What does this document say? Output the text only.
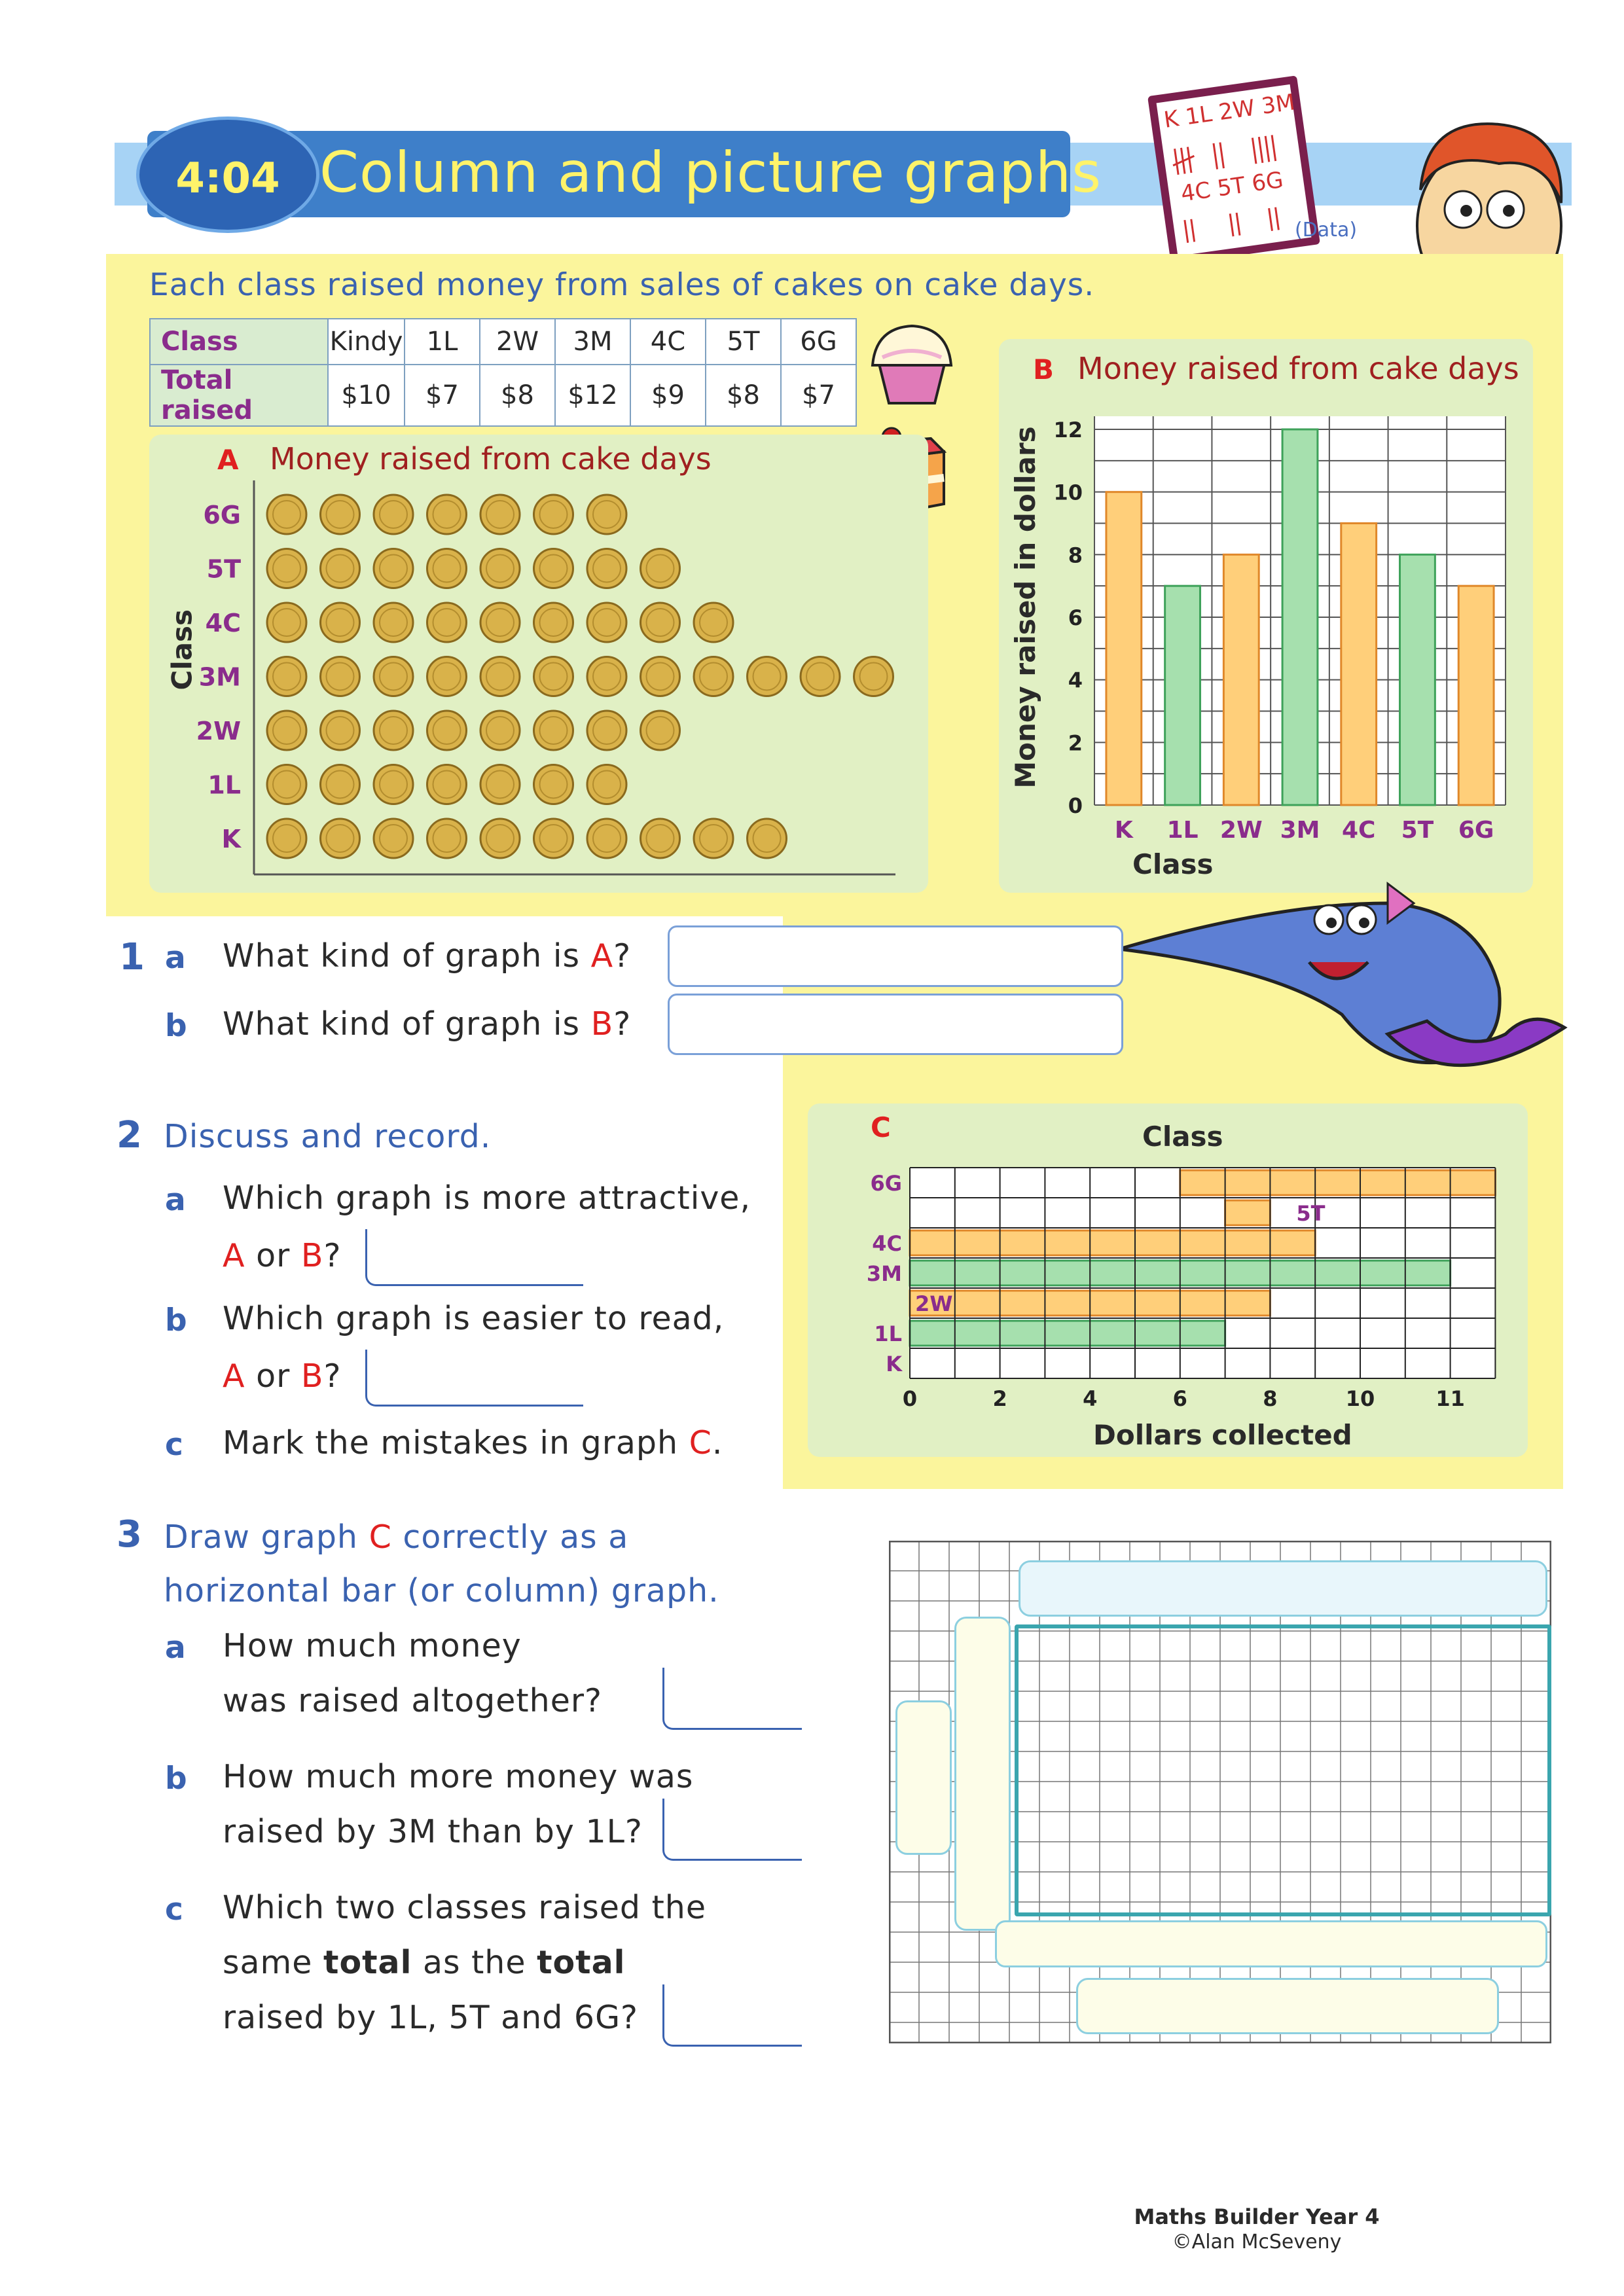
4:04 Column and picture graphs
K 1L 2W 3M
4C 5T 6G
(Data)
Each class raised money from sales of cakes on cake days.
Class	Kindy	1L	2W	3M	4C	5T	6G
Total raised	$10	$7	$8	$12	$9	$8	$7
A Money raised from cake days
Class
6G
5T
4C
3M
2W
1L
K
B Money raised from cake days
Money raised in dollars
Class
0
2
4
6
8
10
12
K 1L 2W 3M 4C 5T 6G
C	Class
Dollars collected
6G
5T
4C
3M
2W
1L
K
0	2	4	6	8	10	11
1 a What kind of graph is A?
b What kind of graph is B?
2 Discuss and record.
a Which graph is more attractive,
A or B?
b Which graph is easier to read,
A or B?
c Mark the mistakes in graph C.
3 Draw graph C correctly as a
horizontal bar (or column) graph.
a How much money
was raised altogether?
b How much more money was
raised by 3M than by 1L?
c Which two classes raised the
same total as the total
raised by 1L, 5T and 6G?
Maths Builder Year 4
©Alan McSeveny
